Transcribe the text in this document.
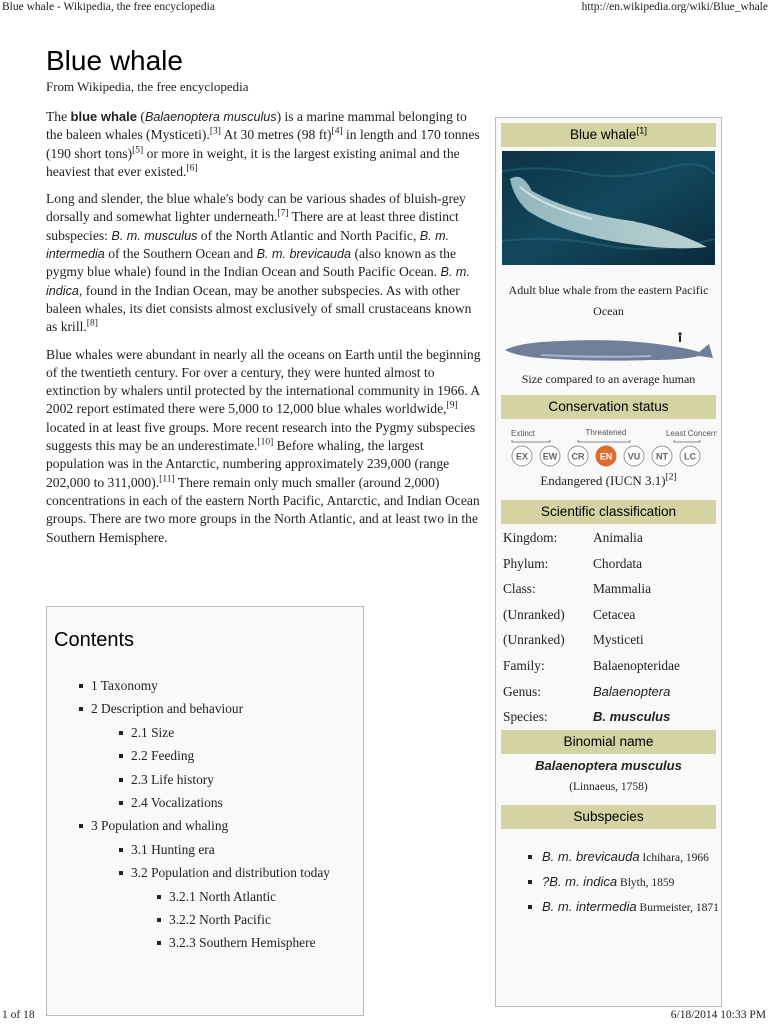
Blue whale - Wikipedia, the free encyclopedia	http://en.wikipedia.org/wiki/Blue_whale
Blue whale
From Wikipedia, the free encyclopedia

The blue whale (Balaenoptera musculus) is a marine mammal belonging to the baleen whales (Mysticeti).[3] At 30 metres (98 ft)[4] in length and 170 tonnes (190 short tons)[5] or more in weight, it is the largest existing animal and the heaviest that ever existed.[6]

Long and slender, the blue whale's body can be various shades of bluish-grey dorsally and somewhat lighter underneath.[7] There are at least three distinct subspecies: B. m. musculus of the North Atlantic and North Pacific, B. m. intermedia of the Southern Ocean and B. m. brevicauda (also known as the pygmy blue whale) found in the Indian Ocean and South Pacific Ocean. B. m. indica, found in the Indian Ocean, may be another subspecies. As with other baleen whales, its diet consists almost exclusively of small crustaceans known as krill.[8]

Blue whales were abundant in nearly all the oceans on Earth until the beginning of the twentieth century. For over a century, they were hunted almost to extinction by whalers until protected by the international community in 1966. A 2002 report estimated there were 5,000 to 12,000 blue whales worldwide,[9] located in at least five groups. More recent research into the Pygmy subspecies suggests this may be an underestimate.[10] Before whaling, the largest population was in the Antarctic, numbering approximately 239,000 (range 202,000 to 311,000).[11] There remain only much smaller (around 2,000) concentrations in each of the eastern North Pacific, Antarctic, and Indian Ocean groups. There are two more groups in the North Atlantic, and at least two in the Southern Hemisphere.

Contents
1 Taxonomy
2 Description and behaviour
2.1 Size
2.2 Feeding
2.3 Life history
2.4 Vocalizations
3 Population and whaling
3.1 Hunting era
3.2 Population and distribution today
3.2.1 North Atlantic
3.2.2 North Pacific
3.2.3 Southern Hemisphere
Blue whale[1]
Adult blue whale from the eastern Pacific Ocean
Size compared to an average human
Conservation status
Extinct	Threatened	Least Concern
EX EW CR EN VU NT LC
Endangered (IUCN 3.1)[2]
Scientific classification
Kingdom:	Animalia
Phylum:	Chordata
Class:	Mammalia
(Unranked) Cetacea
(Unranked) Mysticeti
Family:	Balaenopteridae
Genus:	Balaenoptera
Species:	B. musculus
Binomial name
Balaenoptera musculus
(Linnaeus, 1758)
Subspecies
B. m. brevicauda Ichihara, 1966
?B. m. indica Blyth, 1859
B. m. intermedia Burmeister, 1871
1 of 18	6/18/2014 10:33 PM
